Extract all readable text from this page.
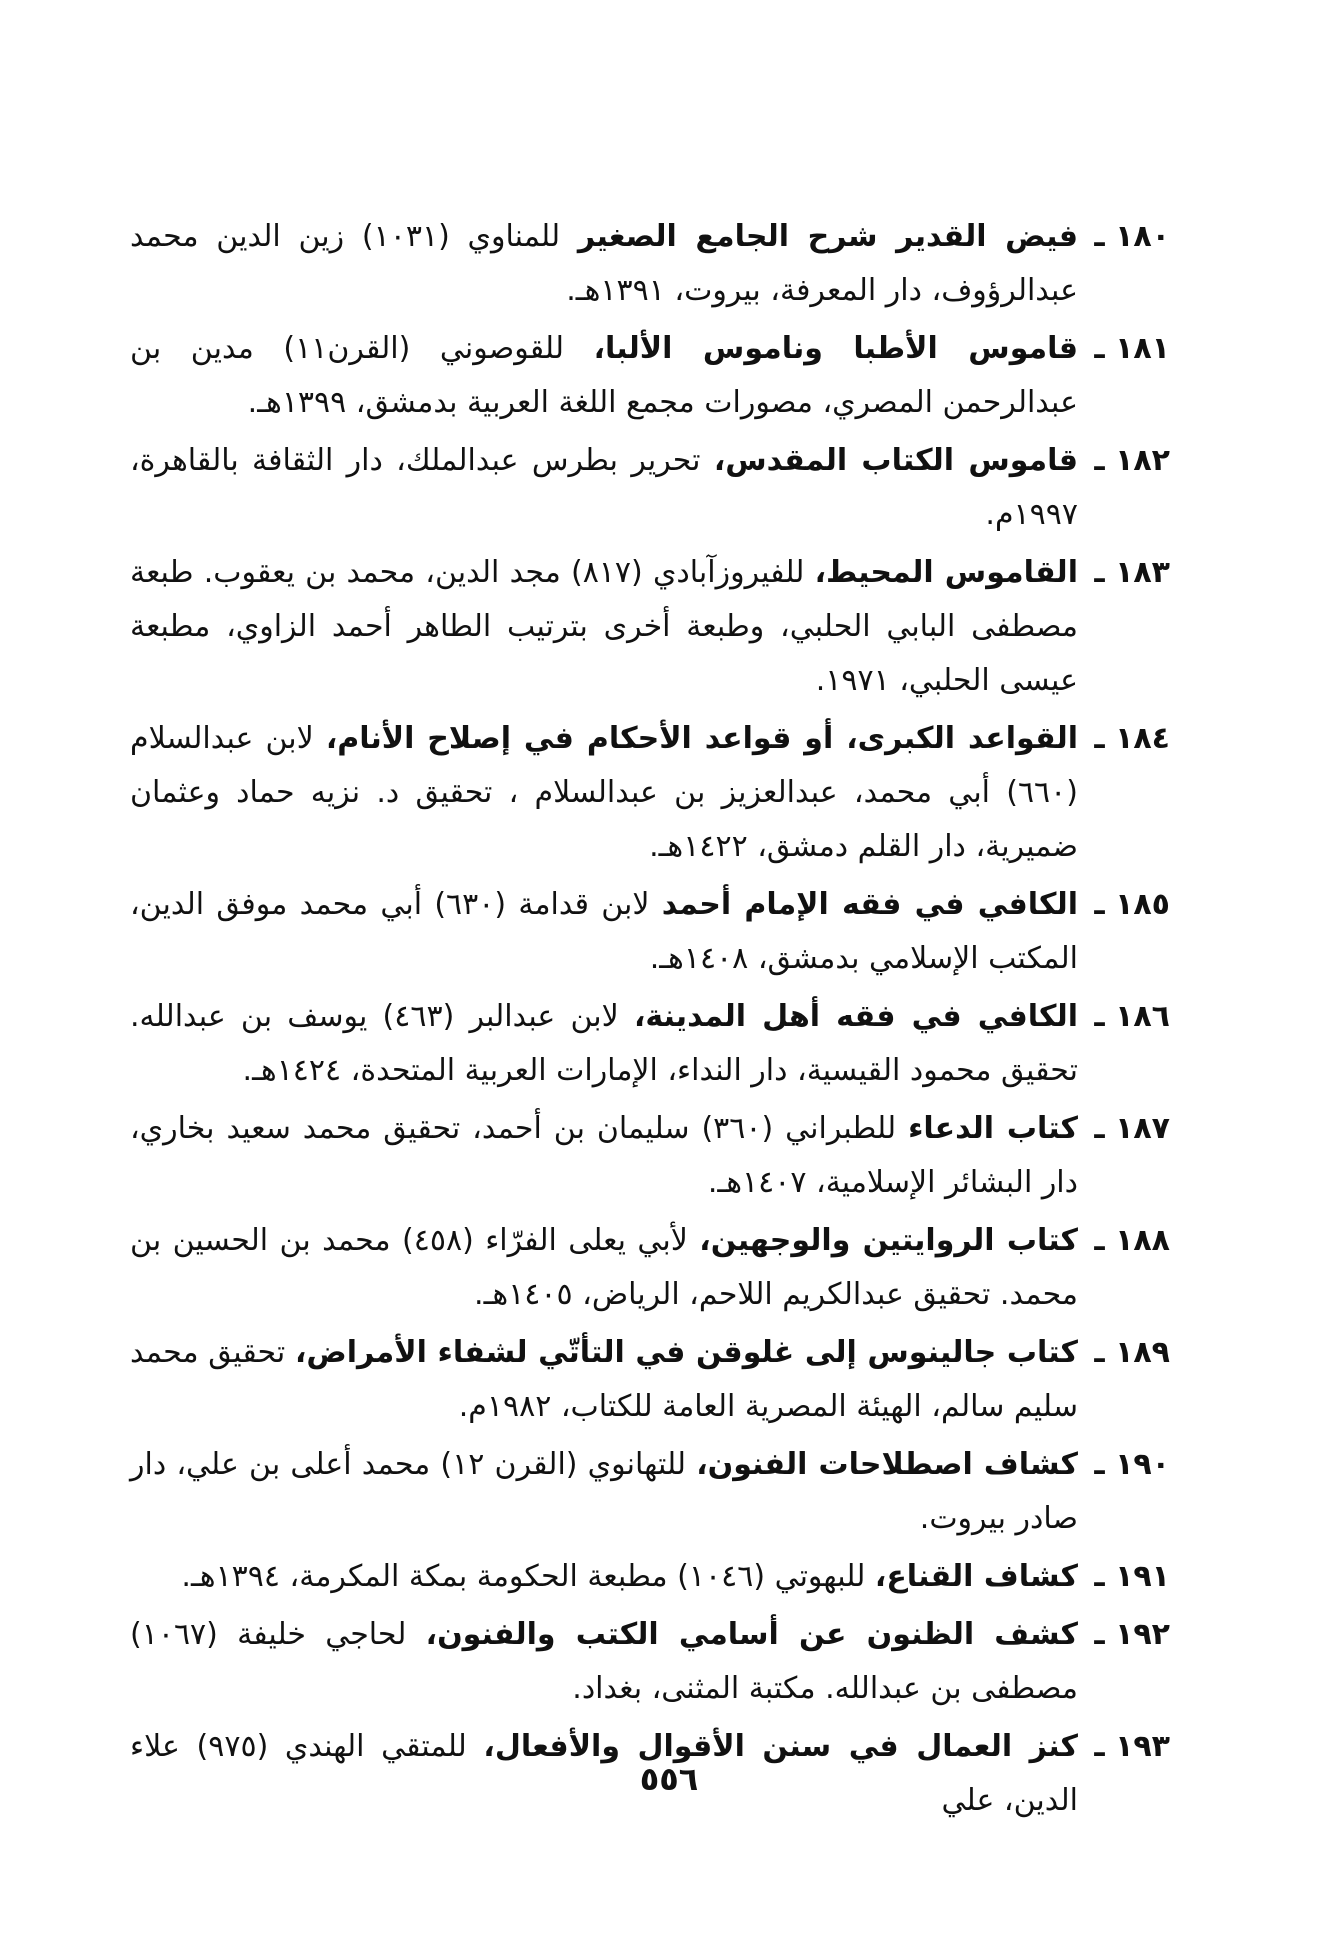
١٨٠ ـ
فيض القدير شرح الجامع الصغير للمناوي (١٠٣١) زين الدين محمد عبدالرؤوف، دار المعرفة، بيروت، ١٣٩١هـ.
١٨١ ـ
قاموس الأطبا وناموس الألبا، للقوصوني (القرن١١) مدين بن عبدالرحمن المصري، مصورات مجمع اللغة العربية بدمشق، ١٣٩٩هـ.
١٨٢ ـ
قاموس الكتاب المقدس، تحرير بطرس عبدالملك، دار الثقافة بالقاهرة، ١٩٩٧م.
١٨٣ ـ
القاموس المحيط، للفيروزآبادي (٨١٧) مجد الدين، محمد بن يعقوب. طبعة مصطفى البابي الحلبي، وطبعة أخرى بترتيب الطاهر أحمد الزاوي، مطبعة عيسى الحلبي، ١٩٧١.
١٨٤ ـ
القواعد الكبرى، أو قواعد الأحكام في إصلاح الأنام، لابن عبدالسلام (٦٦٠) أبي محمد، عبدالعزيز بن عبدالسلام ، تحقيق د. نزيه حماد وعثمان ضميرية، دار القلم دمشق، ١٤٢٢هـ.
١٨٥ ـ
الكافي في فقه الإمام أحمد لابن قدامة (٦٣٠) أبي محمد موفق الدين، المكتب الإسلامي بدمشق، ١٤٠٨هـ.
١٨٦ ـ
الكافي في فقه أهل المدينة، لابن عبدالبر (٤٦٣) يوسف بن عبدالله. تحقيق محمود القيسية، دار النداء، الإمارات العربية المتحدة، ١٤٢٤هـ.
١٨٧ ـ
كتاب الدعاء للطبراني (٣٦٠) سليمان بن أحمد، تحقيق محمد سعيد بخاري، دار البشائر الإسلامية، ١٤٠٧هـ.
١٨٨ ـ
كتاب الروايتين والوجهين، لأبي يعلى الفرّاء (٤٥٨) محمد بن الحسين بن محمد. تحقيق عبدالكريم اللاحم، الرياض، ١٤٠٥هـ.
١٨٩ ـ
كتاب جالينوس إلى غلوقن في التأتّي لشفاء الأمراض، تحقيق محمد سليم سالم، الهيئة المصرية العامة للكتاب، ١٩٨٢م.
١٩٠ ـ
كشاف اصطلاحات الفنون، للتهانوي (القرن ١٢) محمد أعلى بن علي، دار صادر بيروت.
١٩١ ـ
كشاف القناع، للبهوتي (١٠٤٦) مطبعة الحكومة بمكة المكرمة، ١٣٩٤هـ.
١٩٢ ـ
كشف الظنون عن أسامي الكتب والفنون، لحاجي خليفة (١٠٦٧) مصطفى بن عبدالله. مكتبة المثنى، بغداد.
١٩٣ ـ
كنز العمال في سنن الأقوال والأفعال، للمتقي الهندي (٩٧٥) علاء الدين، علي
٥٥٦
